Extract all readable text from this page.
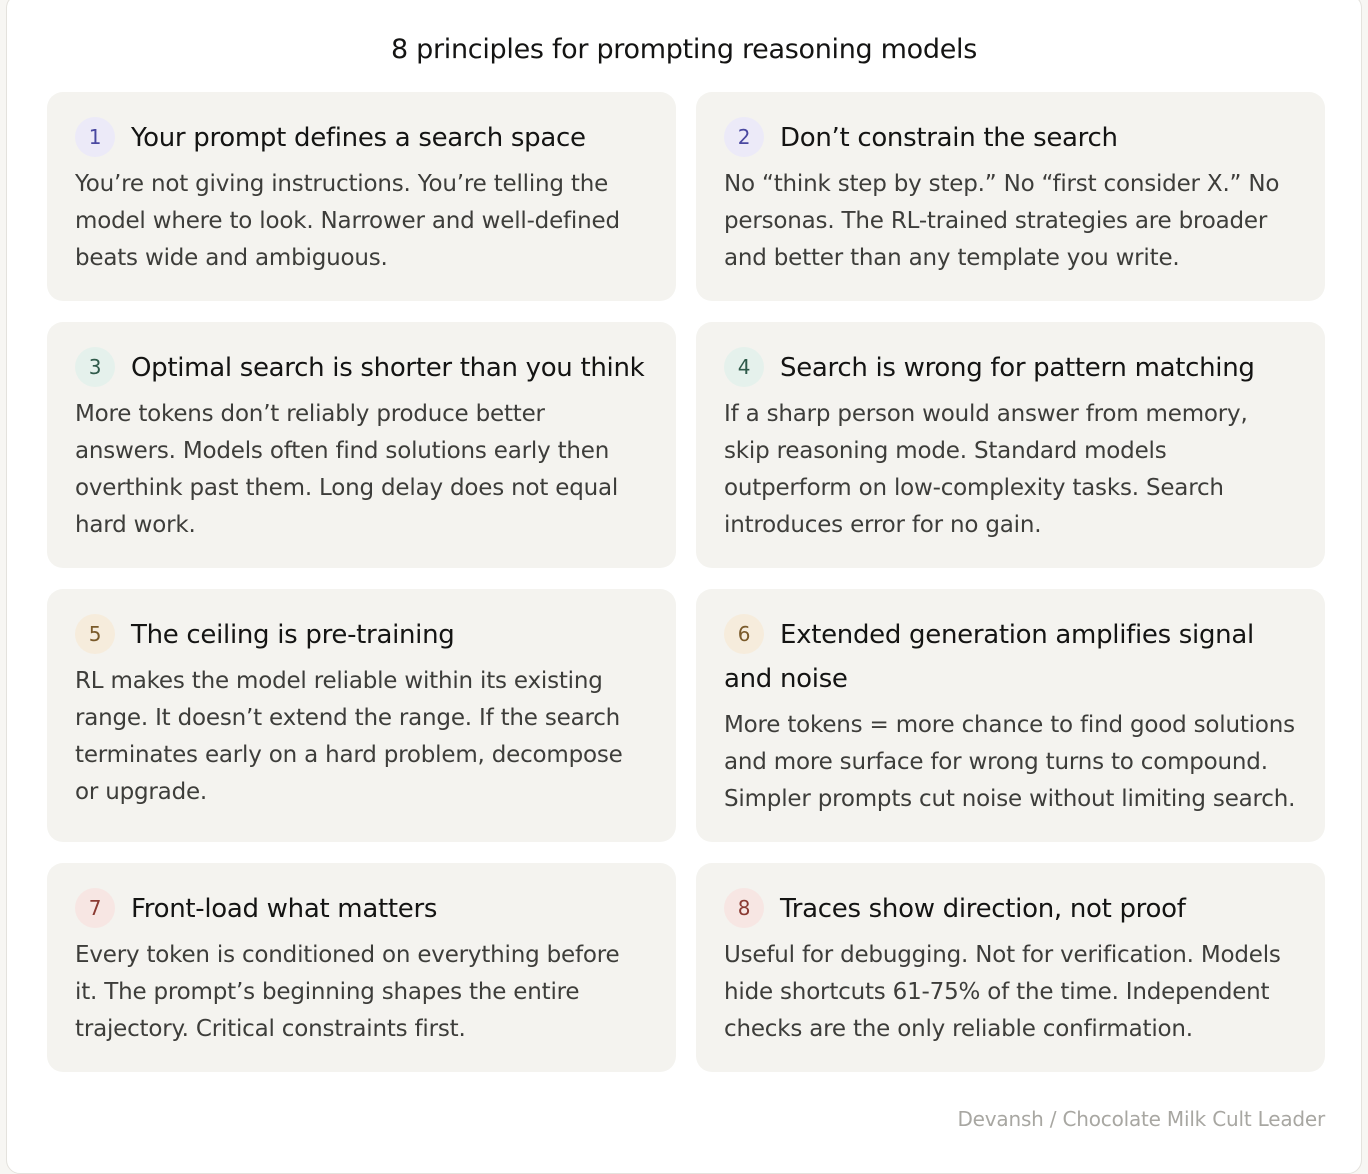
8 principles for prompting reasoning models
1 Your prompt defines a search space

You’re not giving instructions. You’re telling the model where to look. Narrower and well-defined beats wide and ambiguous.

2 Don’t constrain the search

No “think step by step.” No “first consider X.” No personas. The RL-trained strategies are broader and better than any template you write.

3 Optimal search is shorter than you think

More tokens don’t reliably produce better answers. Models often find solutions early then overthink past them. Long delay does not equal hard work.

4 Search is wrong for pattern matching

If a sharp person would answer from memory, skip reasoning mode. Standard models outperform on low-complexity tasks. Search introduces error for no gain.

5 The ceiling is pre-training

RL makes the model reliable within its existing range. It doesn’t extend the range. If the search terminates early on a hard problem, decompose or upgrade.

6 Extended generation amplifies signal and noise

More tokens = more chance to find good solutions and more surface for wrong turns to compound. Simpler prompts cut noise without limiting search.

7 Front-load what matters

Every token is conditioned on everything before it. The prompt’s beginning shapes the entire trajectory. Critical constraints first.

8 Traces show direction, not proof

Useful for debugging. Not for verification. Models hide shortcuts 61-75% of the time. Independent checks are the only reliable confirmation.

Devansh / Chocolate Milk Cult Leader
